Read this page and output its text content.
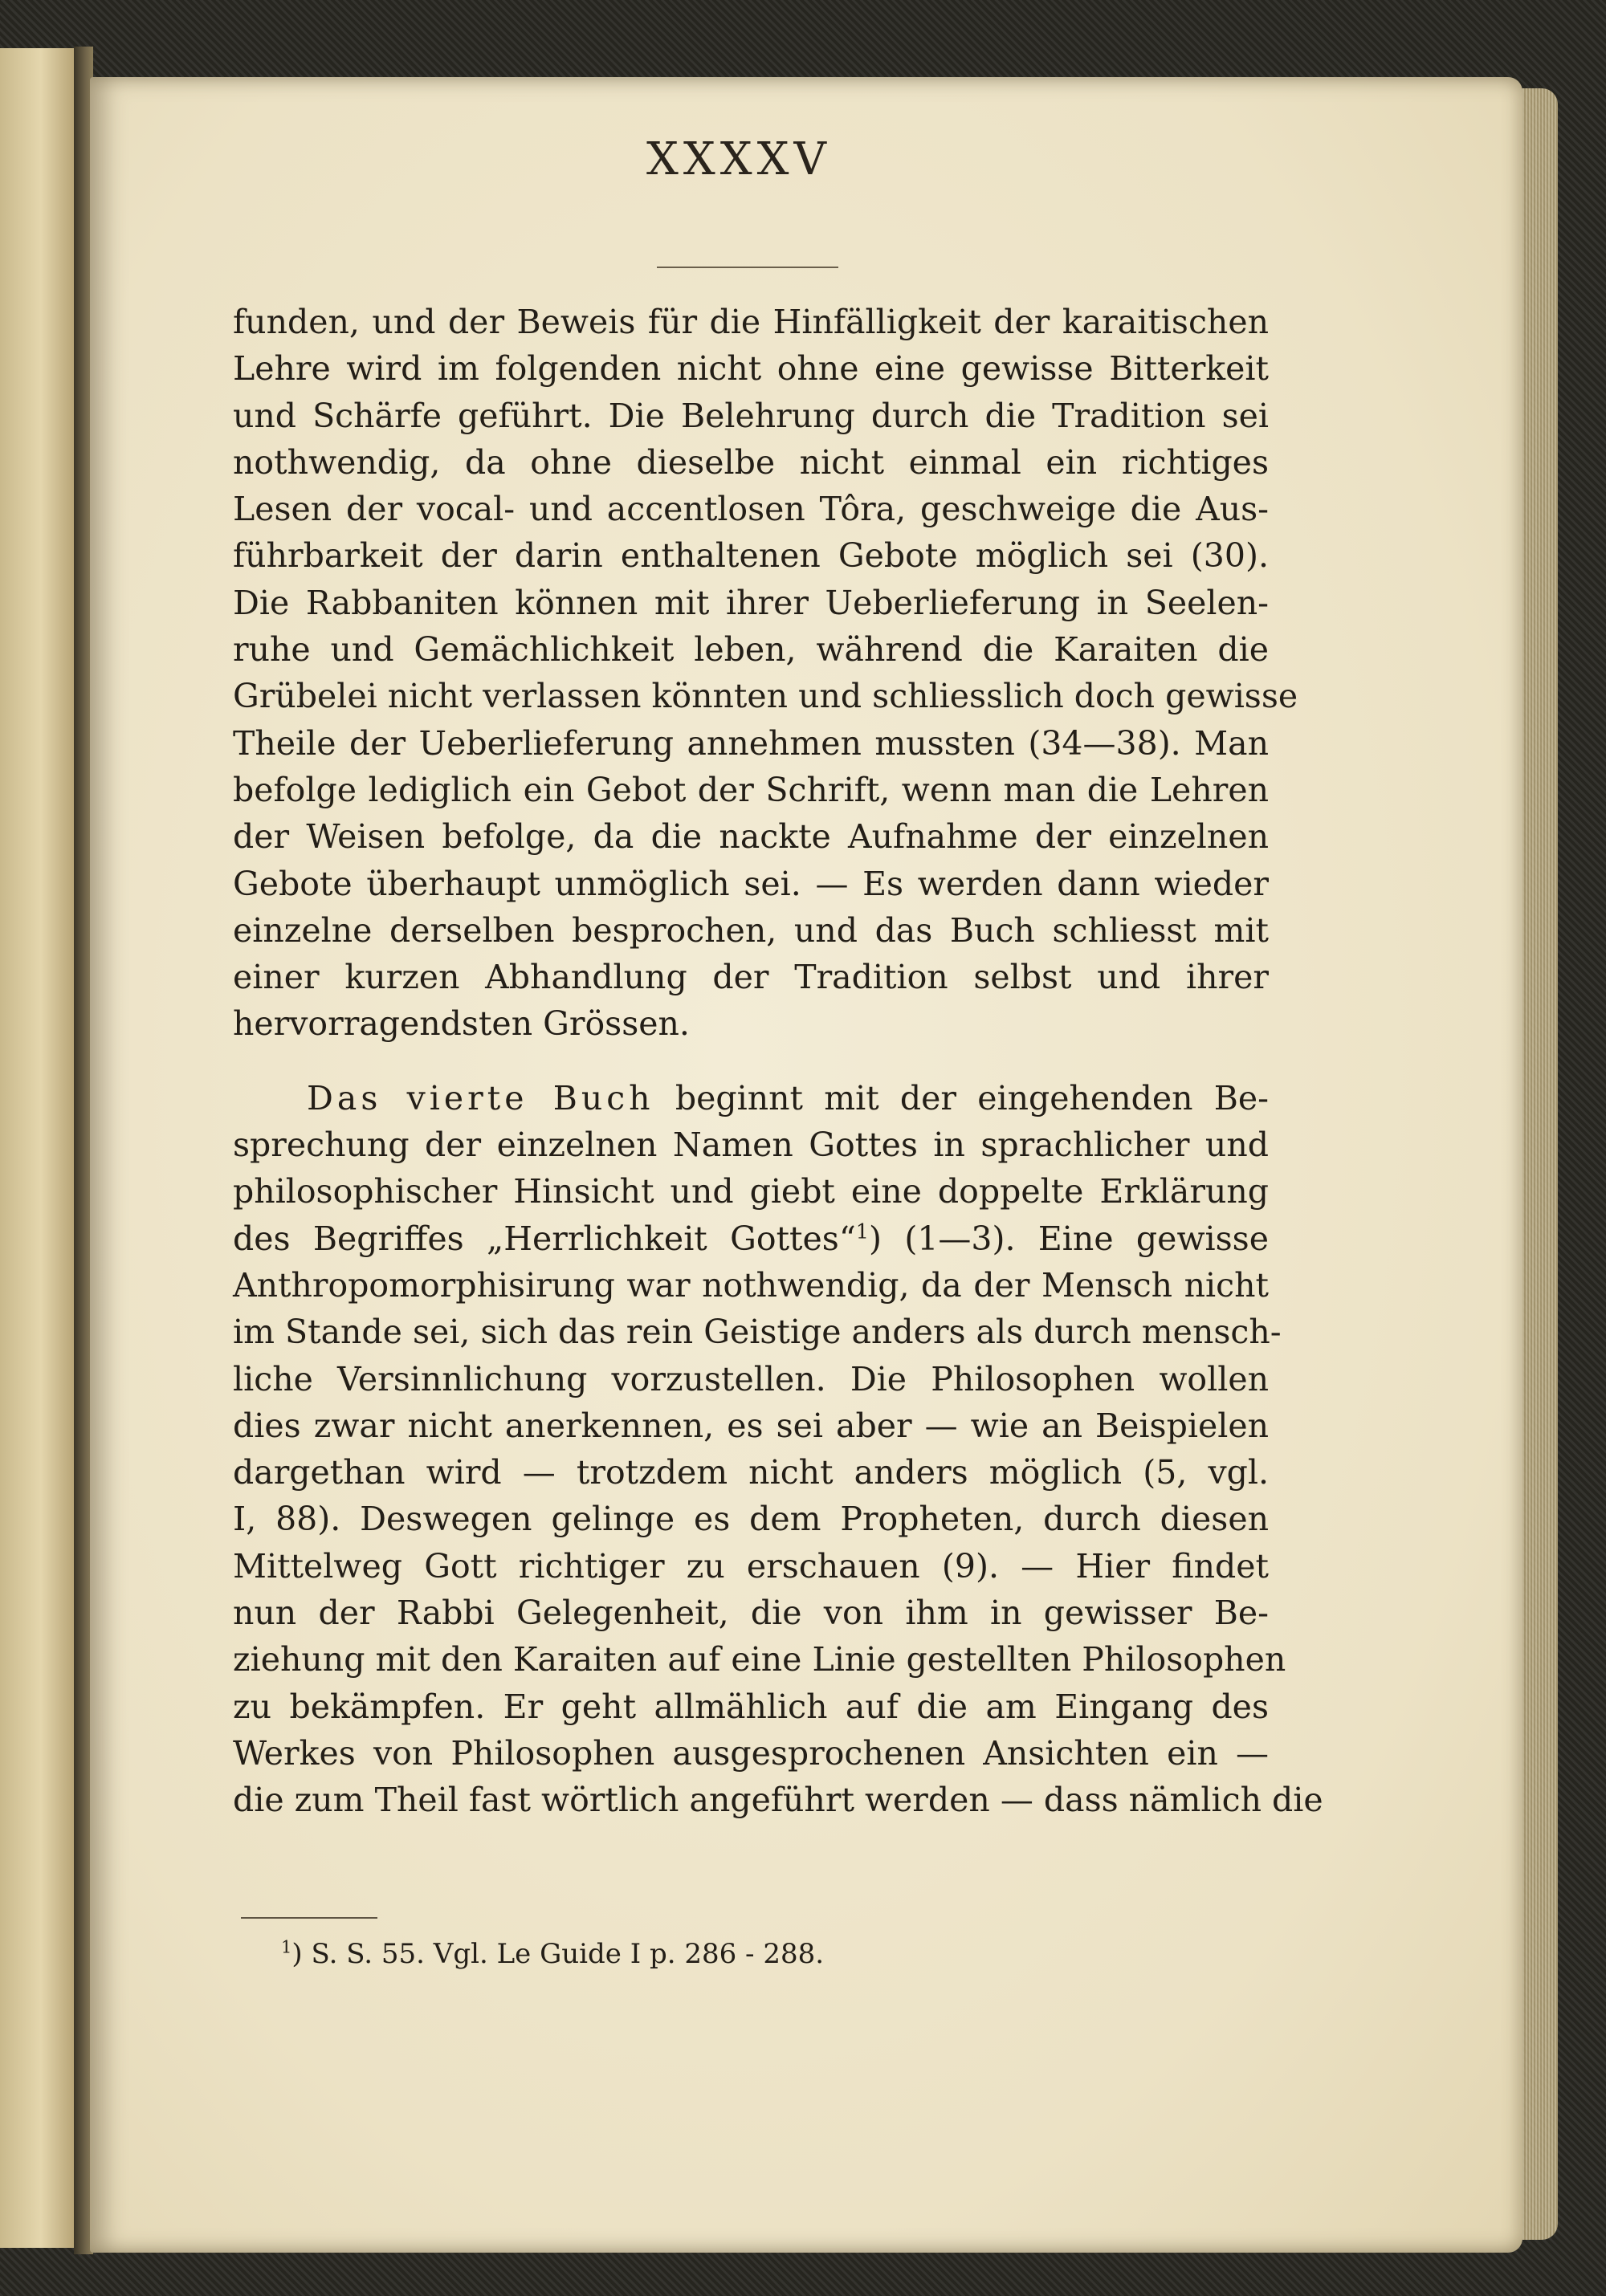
XXXXV
funden, und der Beweis für die Hinfälligkeit der karaitischen
Lehre wird im folgenden nicht ohne eine gewisse Bitterkeit
und Schärfe geführt. Die Belehrung durch die Tradition sei
nothwendig, da ohne dieselbe nicht einmal ein richtiges
Lesen der vocal- und accentlosen Tôra, geschweige die Aus-
führbarkeit der darin enthaltenen Gebote möglich sei (30).
Die Rabbaniten können mit ihrer Ueberlieferung in Seelen-
ruhe und Gemächlichkeit leben, während die Karaiten die
Grübelei nicht verlassen könnten und schliesslich doch gewisse
Theile der Ueberlieferung annehmen mussten (34—38). Man
befolge lediglich ein Gebot der Schrift, wenn man die Lehren
der Weisen befolge, da die nackte Aufnahme der einzelnen
Gebote überhaupt unmöglich sei. — Es werden dann wieder
einzelne derselben besprochen, und das Buch schliesst mit
einer kurzen Abhandlung der Tradition selbst und ihrer
hervorragendsten Grössen.
Das vierte Buch beginnt mit der eingehenden Be-
sprechung der einzelnen Namen Gottes in sprachlicher und
philosophischer Hinsicht und giebt eine doppelte Erklärung
des Begriffes „Herrlichkeit Gottes“$^1$) (1—3). Eine gewisse
Anthropomorphisirung war nothwendig, da der Mensch nicht
im Stande sei, sich das rein Geistige anders als durch mensch-
liche Versinnlichung vorzustellen. Die Philosophen wollen
dies zwar nicht anerkennen, es sei aber — wie an Beispielen
dargethan wird — trotzdem nicht anders möglich (5, vgl.
I, 88). Deswegen gelinge es dem Propheten, durch diesen
Mittelweg Gott richtiger zu erschauen (9). — Hier findet
nun der Rabbi Gelegenheit, die von ihm in gewisser Be-
ziehung mit den Karaiten auf eine Linie gestellten Philosophen
zu bekämpfen. Er geht allmählich auf die am Eingang des
Werkes von Philosophen ausgesprochenen Ansichten ein —
die zum Theil fast wörtlich angeführt werden — dass nämlich die
$^1$) S. S. 55. Vgl. Le Guide I p. 286 - 288.
